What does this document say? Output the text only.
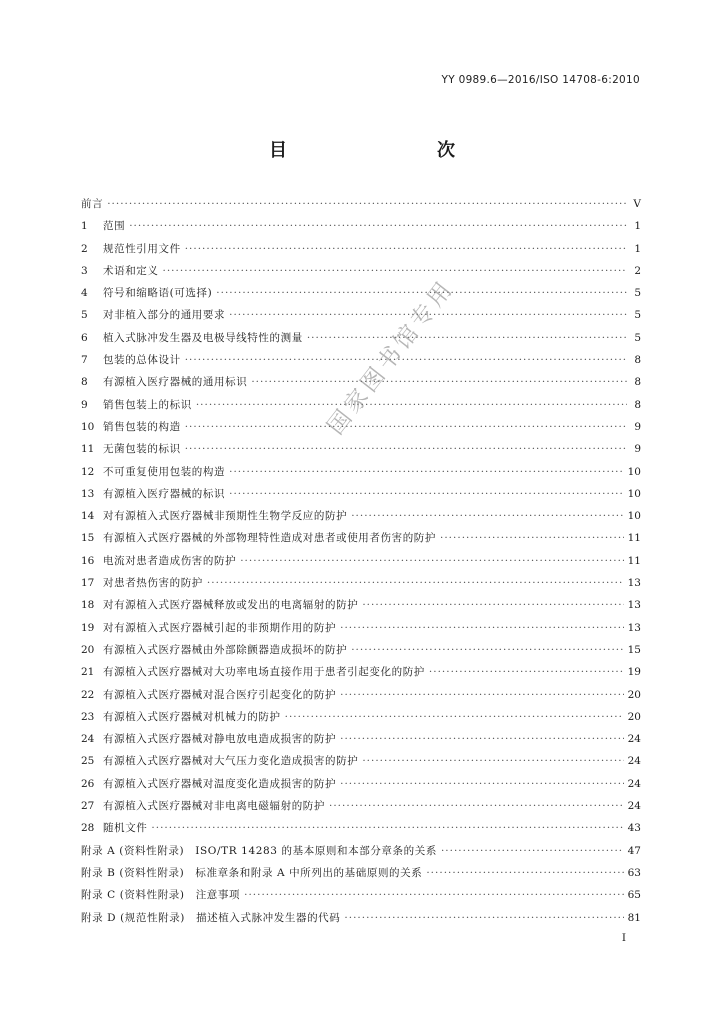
YY 0989.6—2016/ISO 14708-6:2010
目　　次
前言 ·····	V
1	范围 ·····	1
2	规范性引用文件 ·····	1
3	术语和定义 ·····	2
4	符号和缩略语(可选择) ·····	5
5	对非植入部分的通用要求 ·····	5
6	植入式脉冲发生器及电极导线特性的测量 ·····	5
7	包装的总体设计 ·····	8
8	有源植入医疗器械的通用标识 ·····	8
9	销售包装上的标识 ·····	8
10 销售包装的构造 ·····	9
11 无菌包装的标识 ·····	9
12 不可重复使用包装的构造 ·····	10
13 有源植入医疗器械的标识 ·····	10
14 对有源植入式医疗器械非预期性生物学反应的防护 ·····	10
15 有源植入式医疗器械的外部物理特性造成对患者或使用者伤害的防护 ·····	11
16 电流对患者造成伤害的防护 ·····	11
17 对患者热伤害的防护 ·····	13
18 对有源植入式医疗器械释放或发出的电离辐射的防护 ·····	13
19 对有源植入式医疗器械引起的非预期作用的防护 ·····	13
20 有源植入式医疗器械由外部除颤器造成损坏的防护 ·····	15
21 有源植入式医疗器械对大功率电场直接作用于患者引起变化的防护 ·····	19
22 有源植入式医疗器械对混合医疗引起变化的防护 ·····	20
23 有源植入式医疗器械对机械力的防护 ·····	20
24 有源植入式医疗器械对静电放电造成损害的防护 ·····	24
25 有源植入式医疗器械对大气压力变化造成损害的防护 ·····	24
26 有源植入式医疗器械对温度变化造成损害的防护 ·····	24
27 有源植入式医疗器械对非电离电磁辐射的防护 ·····	24
28 随机文件 ·····	43
附录 A (资料性附录)　ISO/TR 14283 的基本原则和本部分章条的关系 ·····	47
附录 B (资料性附录)　标准章条和附录 A 中所列出的基础原则的关系 ·····	63
附录 C (资料性附录)　注意事项 ·····	65
附录 D (规范性附录)　描述植入式脉冲发生器的代码 ·····	81
I
国家图书馆专用
